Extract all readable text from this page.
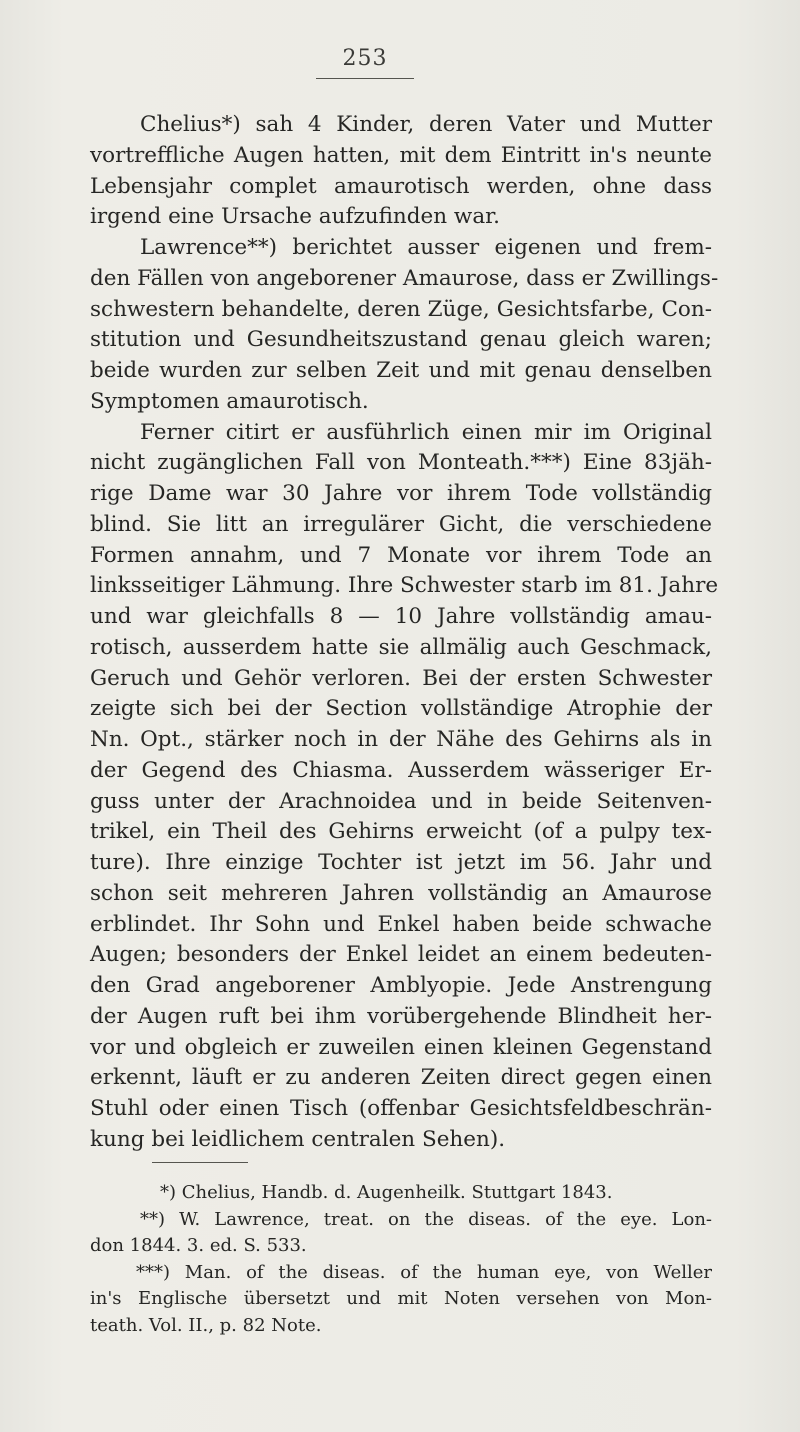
253
Chelius*) sah 4 Kinder, deren Vater und Mutter
vortreffliche Augen hatten, mit dem Eintritt in's neunte
Lebensjahr complet amaurotisch werden, ohne dass
irgend eine Ursache aufzufinden war.
Lawrence**) berichtet ausser eigenen und frem-
den Fällen von angeborener Amaurose, dass er Zwillings-
schwestern behandelte, deren Züge, Gesichtsfarbe, Con-
stitution und Gesundheitszustand genau gleich waren;
beide wurden zur selben Zeit und mit genau denselben
Symptomen amaurotisch.
Ferner citirt er ausführlich einen mir im Original
nicht zugänglichen Fall von Monteath.***) Eine 83jäh-
rige Dame war 30 Jahre vor ihrem Tode vollständig
blind. Sie litt an irregulärer Gicht, die verschiedene
Formen annahm, und 7 Monate vor ihrem Tode an
linksseitiger Lähmung. Ihre Schwester starb im 81. Jahre
und war gleichfalls 8 — 10 Jahre vollständig amau-
rotisch, ausserdem hatte sie allmälig auch Geschmack,
Geruch und Gehör verloren. Bei der ersten Schwester
zeigte sich bei der Section vollständige Atrophie der
Nn. Opt., stärker noch in der Nähe des Gehirns als in
der Gegend des Chiasma. Ausserdem wässeriger Er-
guss unter der Arachnoidea und in beide Seitenven-
trikel, ein Theil des Gehirns erweicht (of a pulpy tex-
ture). Ihre einzige Tochter ist jetzt im 56. Jahr und
schon seit mehreren Jahren vollständig an Amaurose
erblindet. Ihr Sohn und Enkel haben beide schwache
Augen; besonders der Enkel leidet an einem bedeuten-
den Grad angeborener Amblyopie. Jede Anstrengung
der Augen ruft bei ihm vorübergehende Blindheit her-
vor und obgleich er zuweilen einen kleinen Gegenstand
erkennt, läuft er zu anderen Zeiten direct gegen einen
Stuhl oder einen Tisch (offenbar Gesichtsfeldbeschrän-
kung bei leidlichem centralen Sehen).
*) Chelius, Handb. d. Augenheilk. Stuttgart 1843.
**) W. Lawrence, treat. on the diseas. of the eye. Lon-
don 1844. 3. ed. S. 533.
***) Man. of the diseas. of the human eye, von Weller
in's Englische übersetzt und mit Noten versehen von Mon-
teath. Vol. II., p. 82 Note.
